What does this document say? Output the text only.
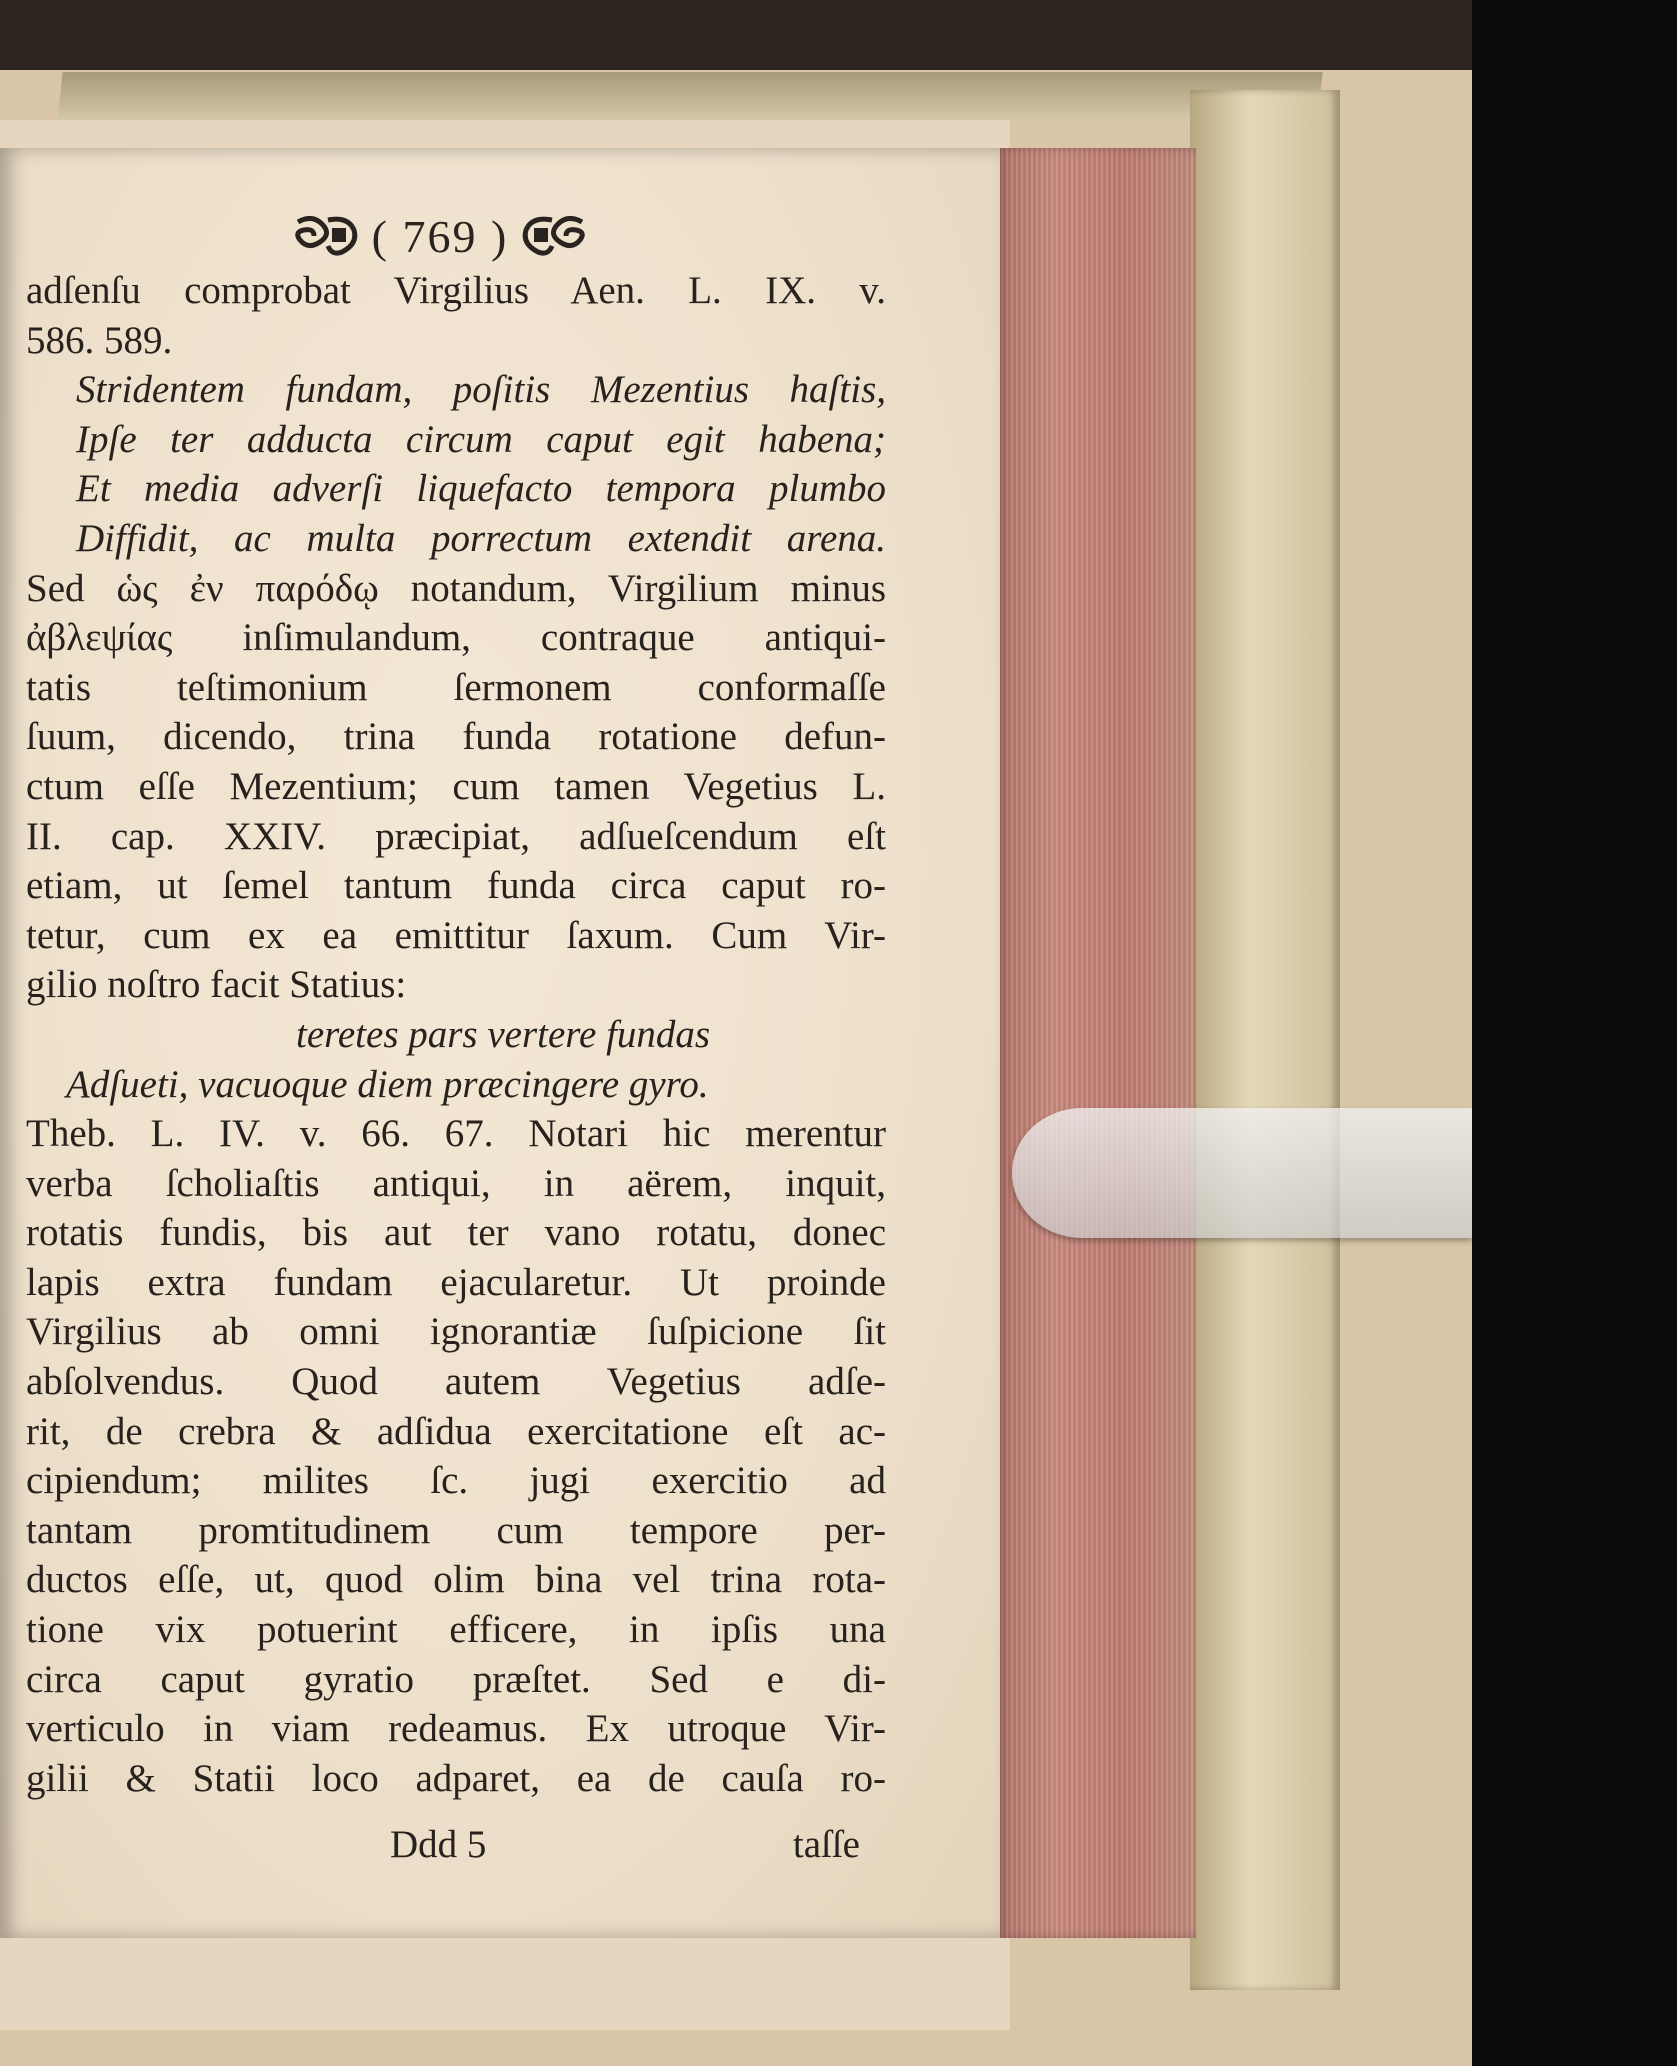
( 769 )
adſenſu comprobat Virgilius Aen. L. IX. v.
586. 589.
Stridentem fundam, poſitis Mezentius haſtis,
Ipſe ter adducta circum caput egit habena;
Et media adverſi liquefacto tempora plumbo
Diffidit, ac multa porrectum extendit arena.
Sed ὡς ἐν παρόδῳ notandum, Virgilium minus
ἀβλεψίας inſimulandum, contraque antiqui-
tatis teſtimonium ſermonem conformaſſe
ſuum, dicendo, trina funda rotatione defun-
ctum eſſe Mezentium; cum tamen Vegetius L.
II. cap. XXIV. præcipiat, adſueſcendum eſt
etiam, ut ſemel tantum funda circa caput ro-
tetur, cum ex ea emittitur ſaxum. Cum Vir-
gilio noſtro facit Statius:
teretes pars vertere fundas
Adſueti, vacuoque diem præcingere gyro.
Theb. L. IV. v. 66. 67. Notari hic merentur
verba ſcholiaſtis antiqui, in aërem, inquit,
rotatis fundis, bis aut ter vano rotatu, donec
lapis extra fundam ejacularetur. Ut proinde
Virgilius ab omni ignorantiæ ſuſpicione ſit
abſolvendus. Quod autem Vegetius adſe-
rit, de crebra & adſidua exercitatione eſt ac-
cipiendum; milites ſc. jugi exercitio ad
tantam promtitudinem cum tempore per-
ductos eſſe, ut, quod olim bina vel trina rota-
tione vix potuerint efficere, in ipſis una
circa caput gyratio præſtet. Sed e di-
verticulo in viam redeamus. Ex utroque Vir-
gilii & Statii loco adparet, ea de cauſa ro-
Ddd 5	taſſe
